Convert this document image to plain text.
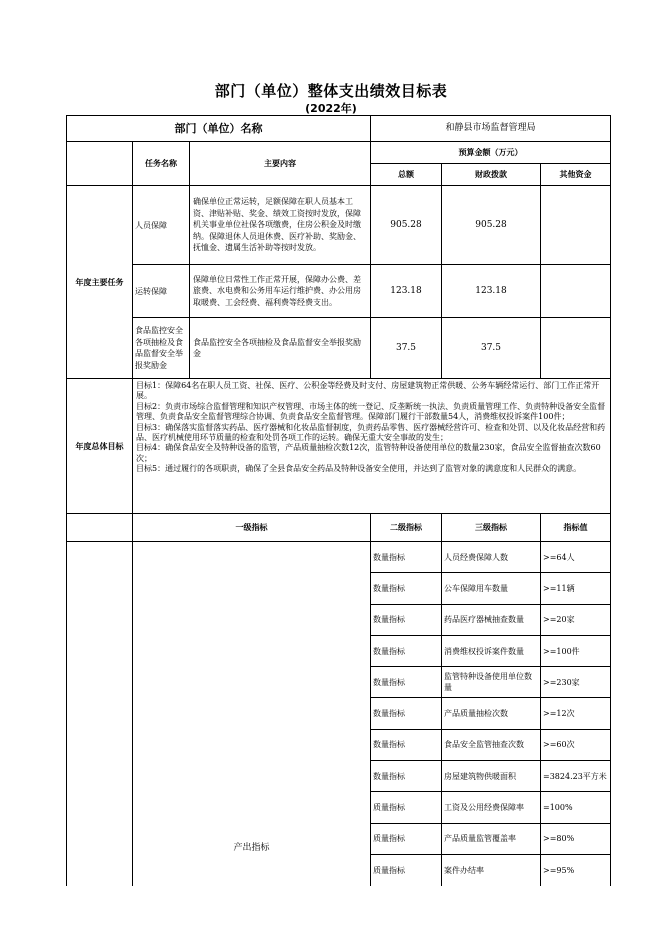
部门（单位）整体支出绩效目标表
(2022年)
部门（单位）名称			和静县市场监督管理局		
	任务名称	主要内容	预算金额（万元）		
			总额	财政拨款	其他资金
年度主要任务	人员保障	确保单位正常运转，足额保障在职人员基本工资、津贴补贴、奖金、绩效工资按时发放，保障机关事业单位社保各项缴费，住房公积金及时缴纳。保障退休人员退休费、医疗补助、奖励金、抚恤金、遗属生活补助等按时发放。	905.28	905.28	
	运转保障	保障单位日常性工作正常开展，保障办公费、差旅费、水电费和公务用车运行维护费、办公用房取暖费、工会经费、福利费等经费支出。	123.18	123.18	
	食品监控安全各项抽检及食品监督安全举报奖励金	食品监控安全各项抽检及食品监督安全举报奖励金	37.5	37.5	
年度总体目标	目标1：保障64名在职人员工资、社保、医疗、公积金等经费及时支付、房屋建筑物正常供暖、公务车辆经常运行、部门工作正常开展。
目标2：负责市场综合监督管理和知识产权管理、市场主体的统一登记、反垄断统一执法、负责质量管理工作、负责特种设备安全监督管理、负责食品安全监督管理综合协调、负责食品安全监督管理。保障部门履行干部数量54人，消费维权投诉案件100件；
目标3：确保落实监督落实药品、医疗器械和化妆品监督制度，负责药品零售、医疗器械经营许可、检查和处罚、以及化妆品经营和药品、医疗机械使用环节质量的检查和处罚各项工作的运转。确保无重大安全事故的发生；
目标4：确保食品安全及特种设备的监管，产品质量抽检次数12次，监管特种设备使用单位的数量230家，食品安全监督抽查次数60次；
目标5：通过履行的各项职责，确保了全县食品安全药品及特种设备安全使用，并达到了监管对象的满意度和人民群众的满意。				

	一级指标		二级指标	三级指标	指标值
	产出指标		数量指标	人员经费保障人数	>=64人
			数量指标	公车保障用车数量	>=11辆
			数量指标	药品医疗器械抽查数量	>=20家
			数量指标	消费维权投诉案件数量	>=100件
			数量指标	监管特种设备使用单位数量	>=230家
			数量指标	产品质量抽检次数	>=12次
			数量指标	食品安全监管抽查次数	>=60次
			数量指标	房屋建筑物供暖面积	=3824.23平方米
			质量指标	工资及公用经费保障率	=100%
			质量指标	产品质量监管覆盖率	>=80%
			质量指标	案件办结率	>=95%
